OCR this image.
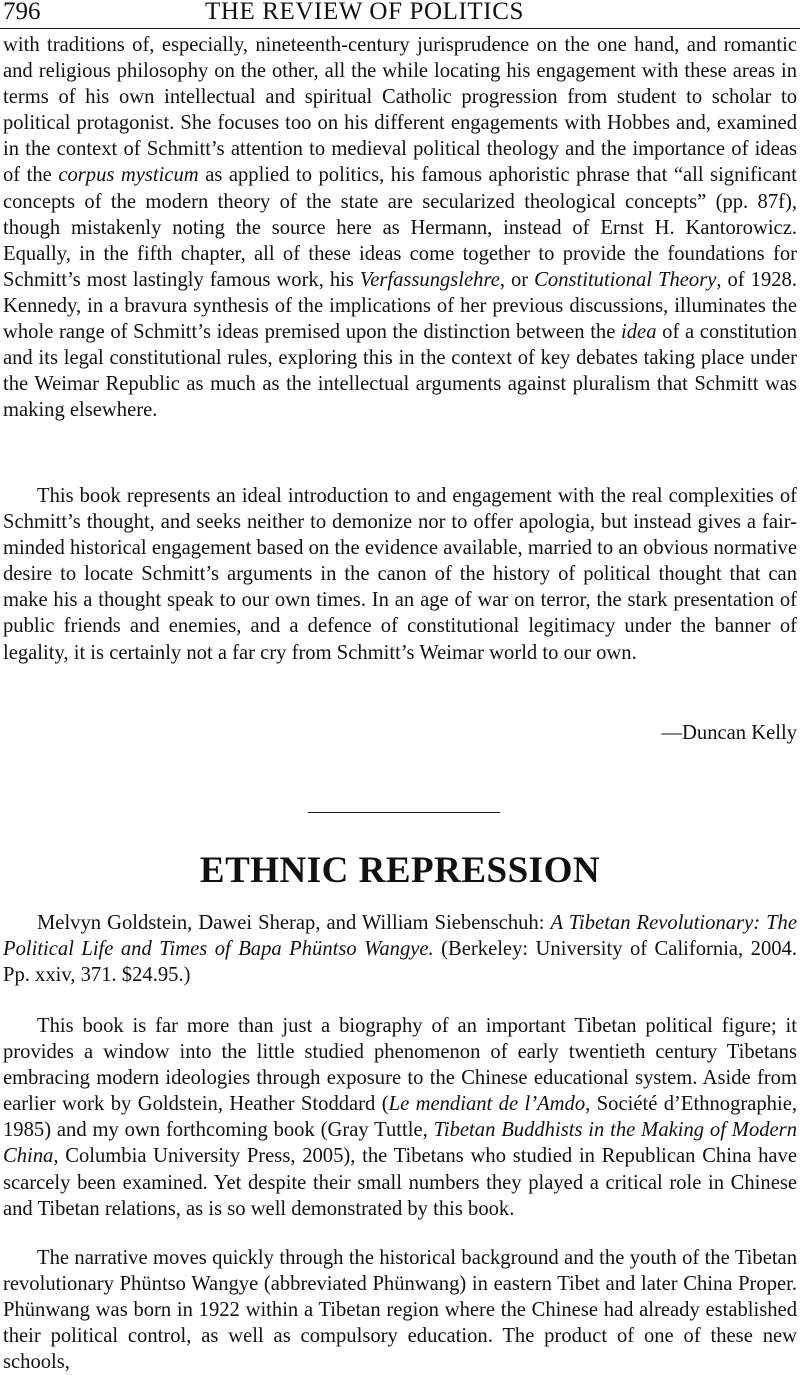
796	THE REVIEW OF POLITICS

with traditions of, especially, nineteenth-century jurisprudence on the one hand, and romantic and religious philosophy on the other, all the while locating his engagement with these areas in terms of his own intellectual and spiritual Catholic progression from student to scholar to political protagonist. She focuses too on his different engagements with Hobbes and, examined in the context of Schmitt’s attention to medieval political theology and the importance of ideas of the corpus mysticum as applied to politics, his famous aphoristic phrase that “all significant concepts of the modern theory of the state are secularized theological concepts” (pp. 87f), though mistakenly noting the source here as Hermann, instead of Ernst H. Kantorowicz. Equally, in the fifth chapter, all of these ideas come together to provide the foundations for Schmitt’s most lastingly famous work, his Verfassungslehre, or Constitutional Theory, of 1928. Kennedy, in a bravura synthesis of the implications of her previous discussions, illuminates the whole range of Schmitt’s ideas premised upon the distinction between the idea of a constitution and its legal constitutional rules, exploring this in the context of key debates taking place under the Weimar Republic as much as the intellectual arguments against pluralism that Schmitt was making elsewhere.

This book represents an ideal introduction to and engagement with the real complexities of Schmitt’s thought, and seeks neither to demonize nor to offer apologia, but instead gives a fair-minded historical engagement based on the evidence available, married to an obvious normative desire to locate Schmitt’s arguments in the canon of the history of political thought that can make his a thought speak to our own times. In an age of war on terror, the stark presentation of public friends and enemies, and a defence of constitutional legitimacy under the banner of legality, it is certainly not a far cry from Schmitt’s Weimar world to our own.

—Duncan Kelly
ETHNIC REPRESSION
Melvyn Goldstein, Dawei Sherap, and William Siebenschuh: A Tibetan Revolutionary: The Political Life and Times of Bapa Phüntso Wangye. (Berkeley: University of California, 2004. Pp. xxiv, 371. $24.95.)

This book is far more than just a biography of an important Tibetan political figure; it provides a window into the little studied phenomenon of early twentieth century Tibetans embracing modern ideologies through exposure to the Chinese educational system. Aside from earlier work by Goldstein, Heather Stoddard (Le mendiant de l’Amdo, Société d’Ethnographie, 1985) and my own forthcoming book (Gray Tuttle, Tibetan Buddhists in the Making of Modern China, Columbia University Press, 2005), the Tibetans who studied in Republican China have scarcely been examined. Yet despite their small numbers they played a critical role in Chinese and Tibetan relations, as is so well demonstrated by this book.

The narrative moves quickly through the historical background and the youth of the Tibetan revolutionary Phüntso Wangye (abbreviated Phünwang) in eastern Tibet and later China Proper. Phünwang was born in 1922 within a Tibetan region where the Chinese had already established their political control, as well as compulsory education. The product of one of these new schools,
